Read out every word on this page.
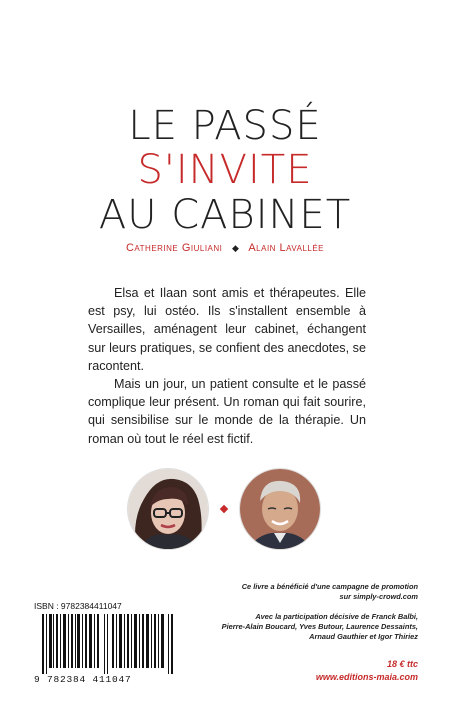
LE PASSÉ
S'INVITE
AU CABINET
Catherine Giuliani ◆ Alain Lavallée

Elsa et Ilaan sont amis et thérapeutes. Elle est psy, lui ostéo. Ils s'installent ensemble à Versailles, aménagent leur cabinet, échangent sur leurs pratiques, se confient des anecdotes, se racontent.

Mais un jour, un patient consulte et le passé complique leur présent. Un roman qui fait sourire, qui sensibilise sur le monde de la thérapie. Un roman où tout le réel est fictif.

Ce livre a bénéficié d'une campagne de promotion
sur simply-crowd.com
Avec la participation décisive de Franck Balbi,
Pierre-Alain Boucard, Yves Butour, Laurence Dessaints,
Arnaud Gauthier et Igor Thiriez
18 € ttc
www.editions-maia.com
ISBN : 9782384411047
9 782384 411047
